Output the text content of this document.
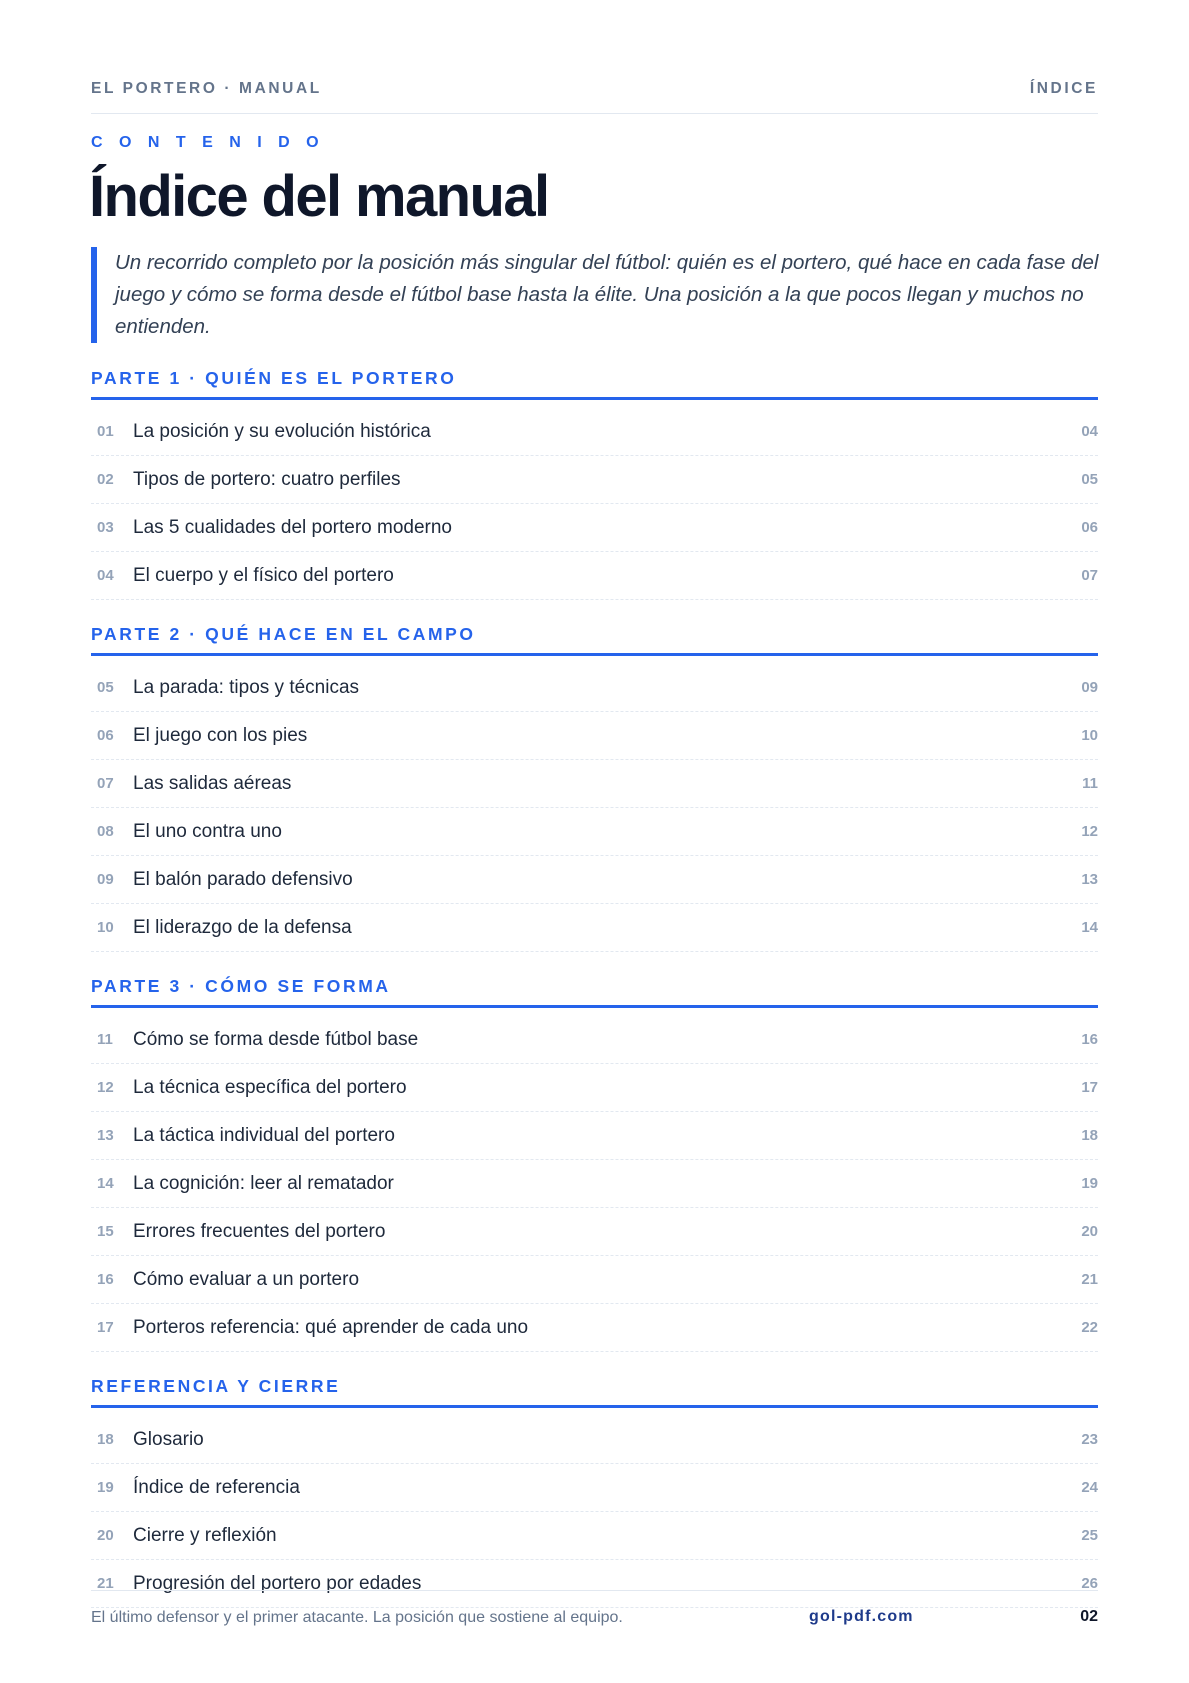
EL PORTERO · MANUAL	ÍNDICE
C O N T E N I D O
Índice del manual

Un recorrido completo por la posición más singular del fútbol: quién es el portero, qué hace en cada fase del juego y cómo se forma desde el fútbol base hasta la élite. Una posición a la que pocos llegan y muchos no entienden.

PARTE 1 · QUIÉN ES EL PORTERO
01	La posición y su evolución histórica	04
02	Tipos de portero: cuatro perfiles	05
03	Las 5 cualidades del portero moderno	06
04	El cuerpo y el físico del portero	07
PARTE 2 · QUÉ HACE EN EL CAMPO
05	La parada: tipos y técnicas	09
06	El juego con los pies	10
07	Las salidas aéreas	11
08	El uno contra uno	12
09	El balón parado defensivo	13
10	El liderazgo de la defensa	14
PARTE 3 · CÓMO SE FORMA
11	Cómo se forma desde fútbol base	16
12	La técnica específica del portero	17
13	La táctica individual del portero	18
14	La cognición: leer al rematador	19
15	Errores frecuentes del portero	20
16	Cómo evaluar a un portero	21
17	Porteros referencia: qué aprender de cada uno	22
REFERENCIA Y CIERRE
18	Glosario	23
19	Índice de referencia	24
20	Cierre y reflexión	25
21	Progresión del portero por edades	26
El último defensor y el primer atacante. La posición que sostiene al equipo.	gol-pdf.com	02
